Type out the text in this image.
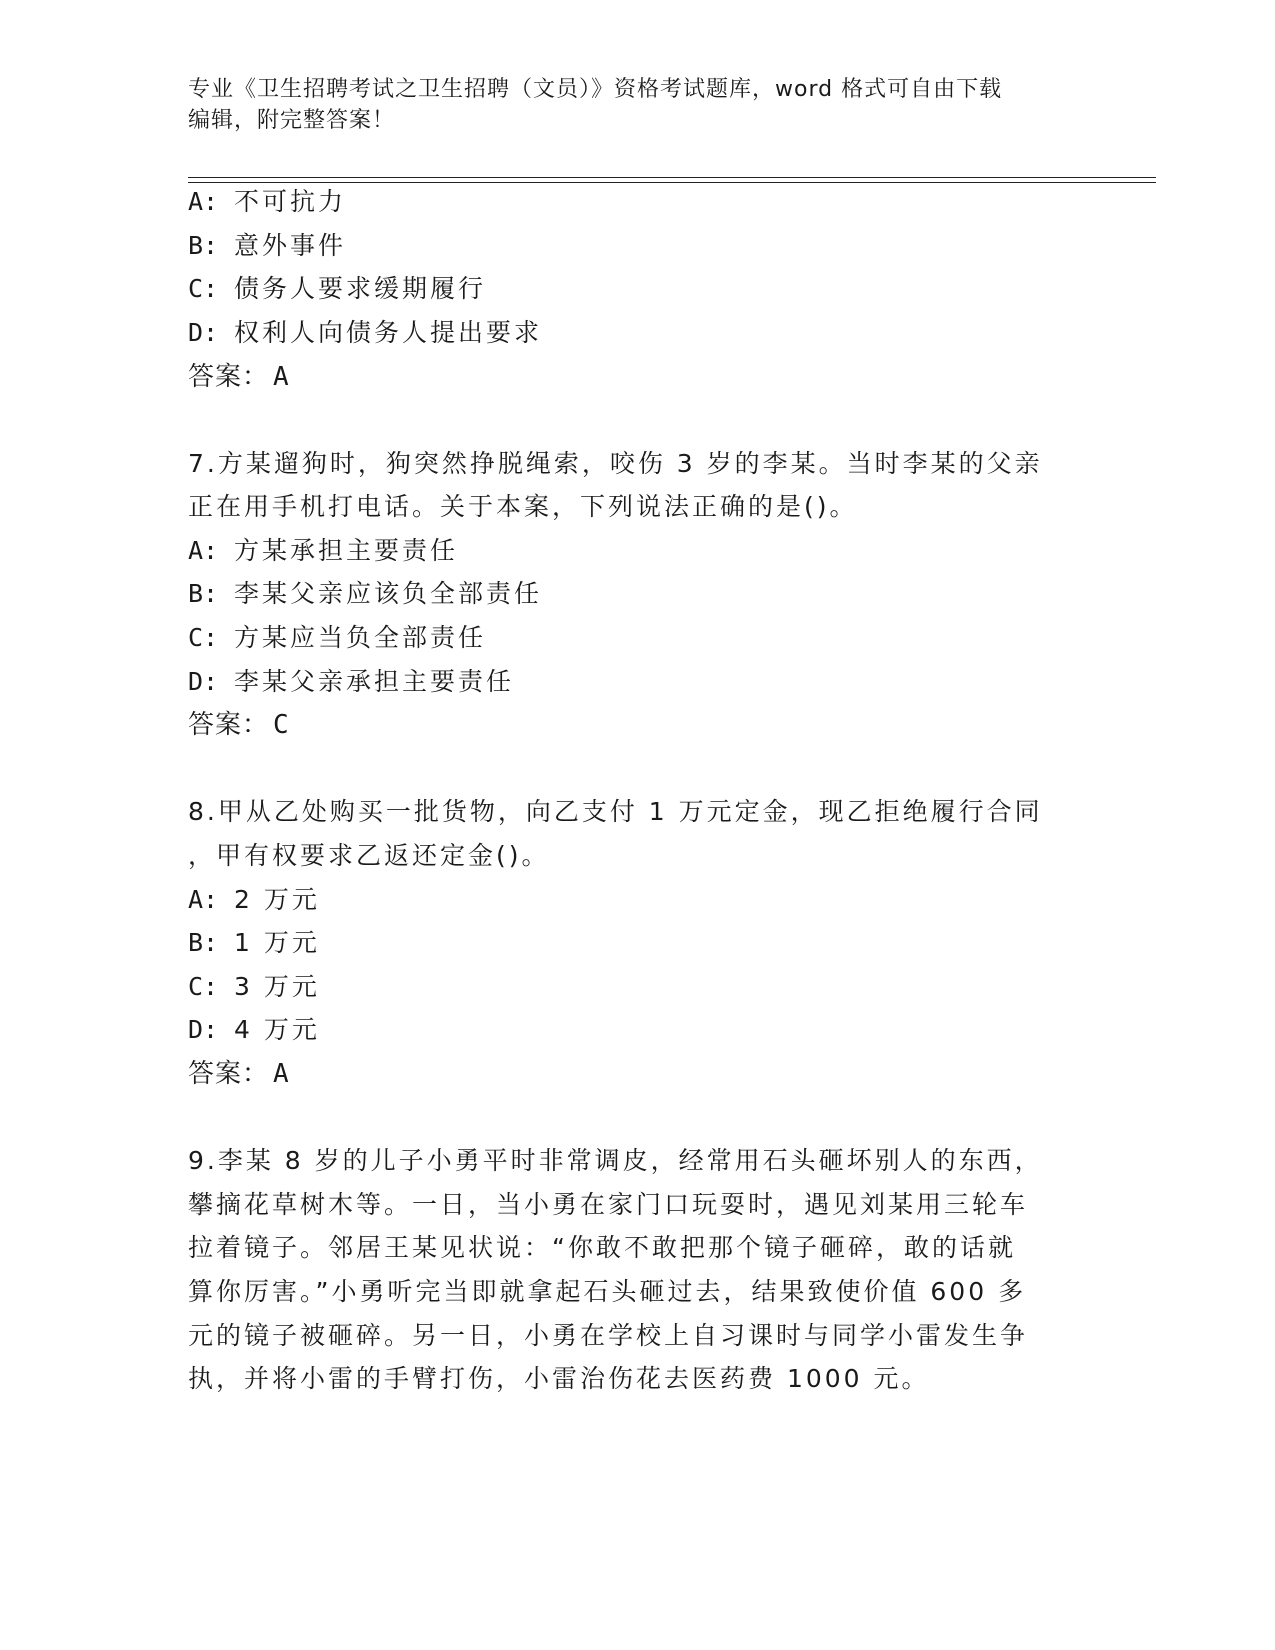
专业《卫生招聘考试之卫生招聘（文员）》资格考试题库，word 格式可自由下载
编辑，附完整答案！
A: 不可抗力
B: 意外事件
C: 债务人要求缓期履行
D: 权利人向债务人提出要求
答案： A
7.方某遛狗时，狗突然挣脱绳索，咬伤 3 岁的李某。当时李某的父亲
正在用手机打电话。关于本案，下列说法正确的是()。
A: 方某承担主要责任
B: 李某父亲应该负全部责任
C: 方某应当负全部责任
D: 李某父亲承担主要责任
答案： C
8.甲从乙处购买一批货物，向乙支付 1 万元定金，现乙拒绝履行合同
，甲有权要求乙返还定金()。
A: 2 万元
B: 1 万元
C: 3 万元
D: 4 万元
答案： A
9.李某 8 岁的儿子小勇平时非常调皮，经常用石头砸坏别人的东西，
攀摘花草树木等。一日，当小勇在家门口玩耍时，遇见刘某用三轮车
拉着镜子。邻居王某见状说：“你敢不敢把那个镜子砸碎，敢的话就
算你厉害。”小勇听完当即就拿起石头砸过去，结果致使价值 600 多
元的镜子被砸碎。另一日，小勇在学校上自习课时与同学小雷发生争
执，并将小雷的手臂打伤，小雷治伤花去医药费 1000 元。
